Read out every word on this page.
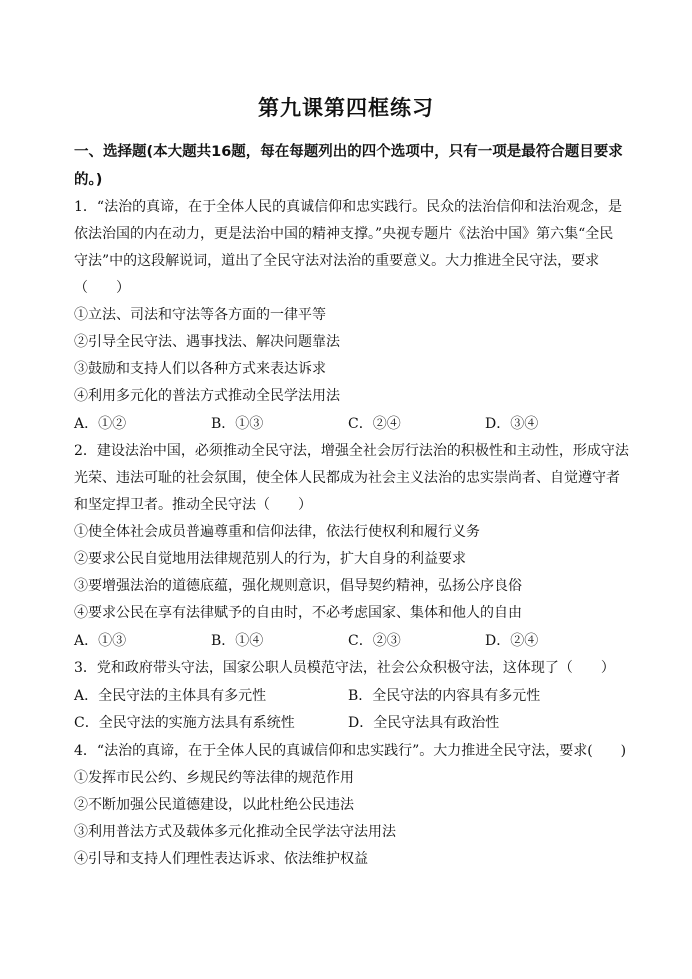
第九课第四框练习
一、选择题(本大题共16题，每在每题列出的四个选项中，只有一项是最符合题目要求
的。)
1．“法治的真谛，在于全体人民的真诚信仰和忠实践行。民众的法治信仰和法治观念，是
依法治国的内在动力，更是法治中国的精神支撑。”央视专题片《法治中国》第六集“全民
守法”中的这段解说词，道出了全民守法对法治的重要意义。大力推进全民守法，要求
（　　）
①立法、司法和守法等各方面的一律平等
②引导全民守法、遇事找法、解决问题靠法
③鼓励和支持人们以各种方式来表达诉求
④利用多元化的普法方式推动全民学法用法
A．①②	B．①③	C．②④	D．③④
2．建设法治中国，必须推动全民守法，增强全社会厉行法治的积极性和主动性，形成守法
光荣、违法可耻的社会氛围，使全体人民都成为社会主义法治的忠实崇尚者、自觉遵守者
和坚定捍卫者。推动全民守法（　　）
①使全体社会成员普遍尊重和信仰法律，依法行使权利和履行义务
②要求公民自觉地用法律规范别人的行为，扩大自身的利益要求
③要增强法治的道德底蕴，强化规则意识，倡导契约精神，弘扬公序良俗
④要求公民在享有法律赋予的自由时，不必考虑国家、集体和他人的自由
A．①③	B．①④	C．②③	D．②④
3．党和政府带头守法，国家公职人员模范守法，社会公众积极守法，这体现了（　　）
A．全民守法的主体具有多元性	B．全民守法的内容具有多元性
C．全民守法的实施方法具有系统性	D．全民守法具有政治性
4．“法治的真谛，在于全体人民的真诚信仰和忠实践行”。大力推进全民守法，要求(　　)
①发挥市民公约、乡规民约等法律的规范作用
②不断加强公民道德建设，以此杜绝公民违法
③利用普法方式及载体多元化推动全民学法守法用法
④引导和支持人们理性表达诉求、依法维护权益
